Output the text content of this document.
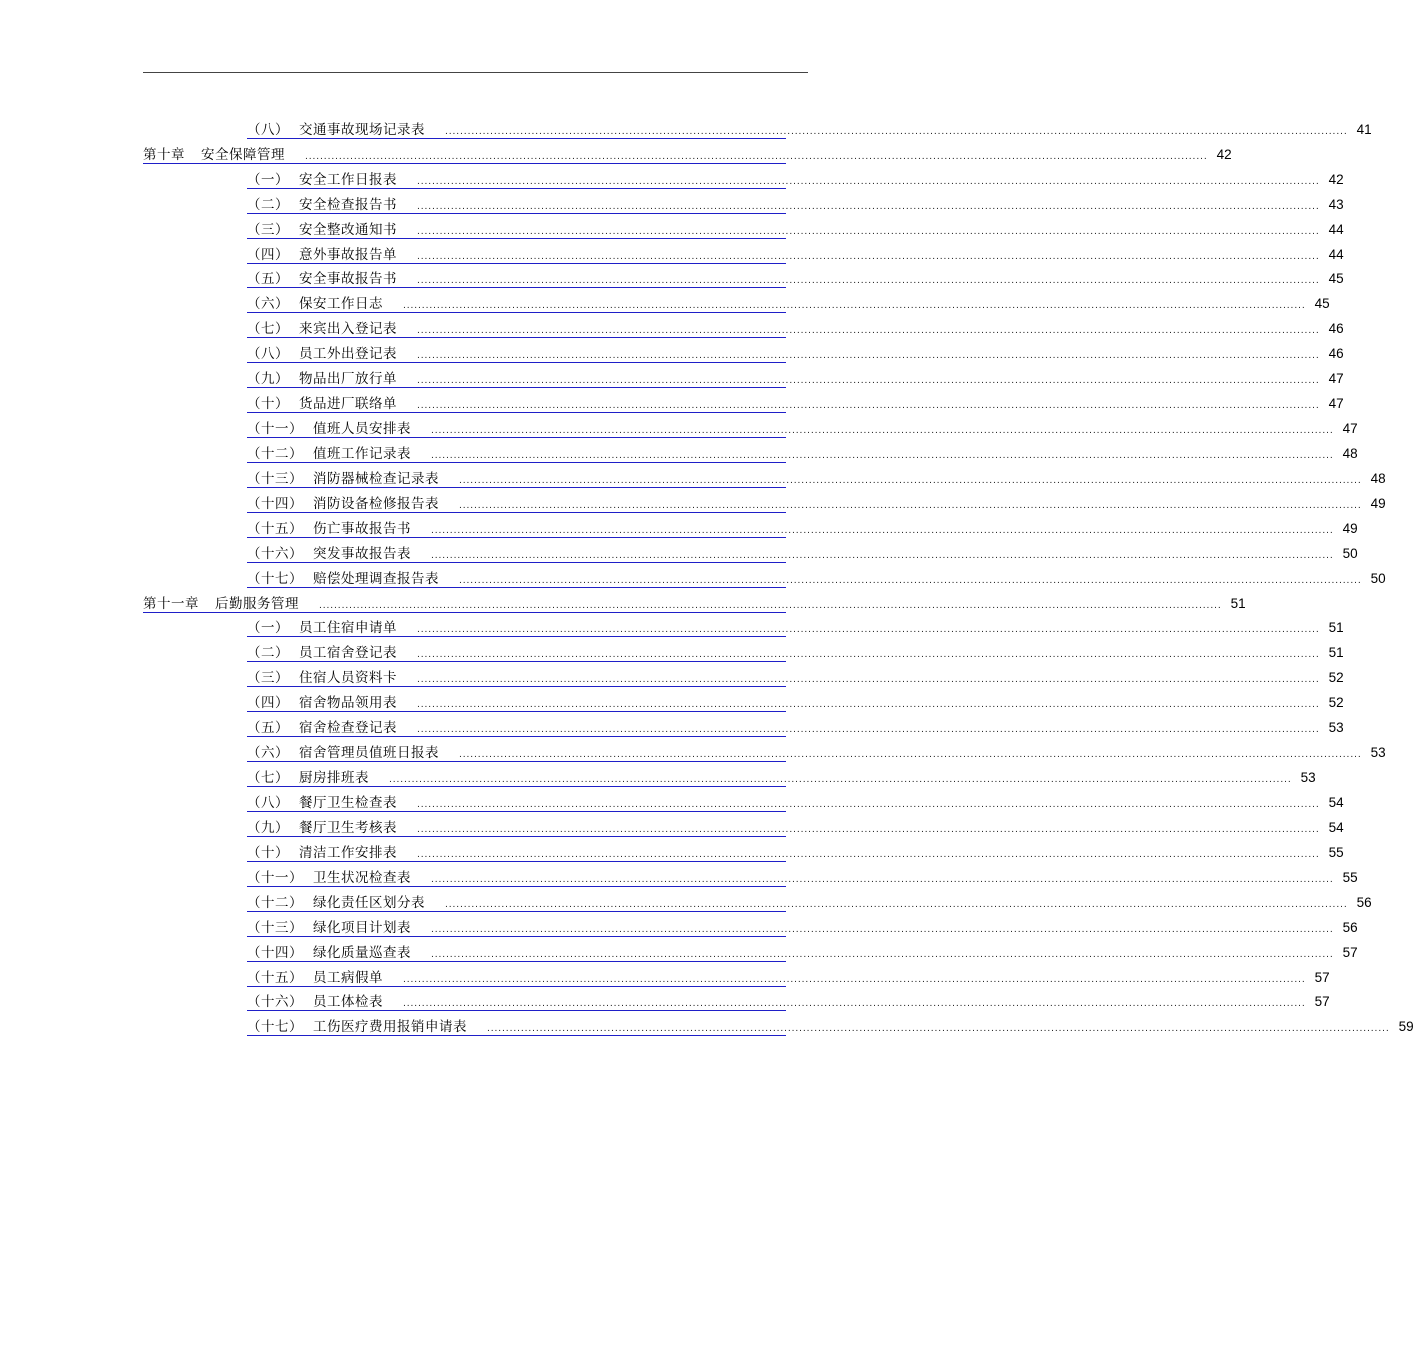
（八） 交通事故现场记录表 ................................................................................................................................................................................................................................................ 41
第十章 安全保障管理 ................................................................................................................................................................................................................................................ 42
（一） 安全工作日报表 ................................................................................................................................................................................................................................................ 42
（二） 安全检查报告书 ................................................................................................................................................................................................................................................ 43
（三） 安全整改通知书 ................................................................................................................................................................................................................................................ 44
（四） 意外事故报告单 ................................................................................................................................................................................................................................................ 44
（五） 安全事故报告书 ................................................................................................................................................................................................................................................ 45
（六） 保安工作日志 ................................................................................................................................................................................................................................................ 45
（七） 来宾出入登记表 ................................................................................................................................................................................................................................................ 46
（八） 员工外出登记表 ................................................................................................................................................................................................................................................ 46
（九） 物品出厂放行单 ................................................................................................................................................................................................................................................ 47
（十） 货品进厂联络单 ................................................................................................................................................................................................................................................ 47
（十一） 值班人员安排表 ................................................................................................................................................................................................................................................ 47
（十二） 值班工作记录表 ................................................................................................................................................................................................................................................ 48
（十三） 消防器械检查记录表 ................................................................................................................................................................................................................................................ 48
（十四） 消防设备检修报告表 ................................................................................................................................................................................................................................................ 49
（十五） 伤亡事故报告书 ................................................................................................................................................................................................................................................ 49
（十六） 突发事故报告表 ................................................................................................................................................................................................................................................ 50
（十七） 赔偿处理调查报告表 ................................................................................................................................................................................................................................................ 50
第十一章 后勤服务管理 ................................................................................................................................................................................................................................................ 51
（一） 员工住宿申请单 ................................................................................................................................................................................................................................................ 51
（二） 员工宿舍登记表 ................................................................................................................................................................................................................................................ 51
（三） 住宿人员资料卡 ................................................................................................................................................................................................................................................ 52
（四） 宿舍物品领用表 ................................................................................................................................................................................................................................................ 52
（五） 宿舍检查登记表 ................................................................................................................................................................................................................................................ 53
（六） 宿舍管理员值班日报表 ................................................................................................................................................................................................................................................ 53
（七） 厨房排班表 ................................................................................................................................................................................................................................................ 53
（八） 餐厅卫生检查表 ................................................................................................................................................................................................................................................ 54
（九） 餐厅卫生考核表 ................................................................................................................................................................................................................................................ 54
（十） 清洁工作安排表 ................................................................................................................................................................................................................................................ 55
（十一） 卫生状况检查表 ................................................................................................................................................................................................................................................ 55
（十二） 绿化责任区划分表 ................................................................................................................................................................................................................................................ 56
（十三） 绿化项目计划表 ................................................................................................................................................................................................................................................ 56
（十四） 绿化质量巡查表 ................................................................................................................................................................................................................................................ 57
（十五） 员工病假单 ................................................................................................................................................................................................................................................ 57
（十六） 员工体检表 ................................................................................................................................................................................................................................................ 57
（十七） 工伤医疗费用报销申请表 ................................................................................................................................................................................................................................................ 59
